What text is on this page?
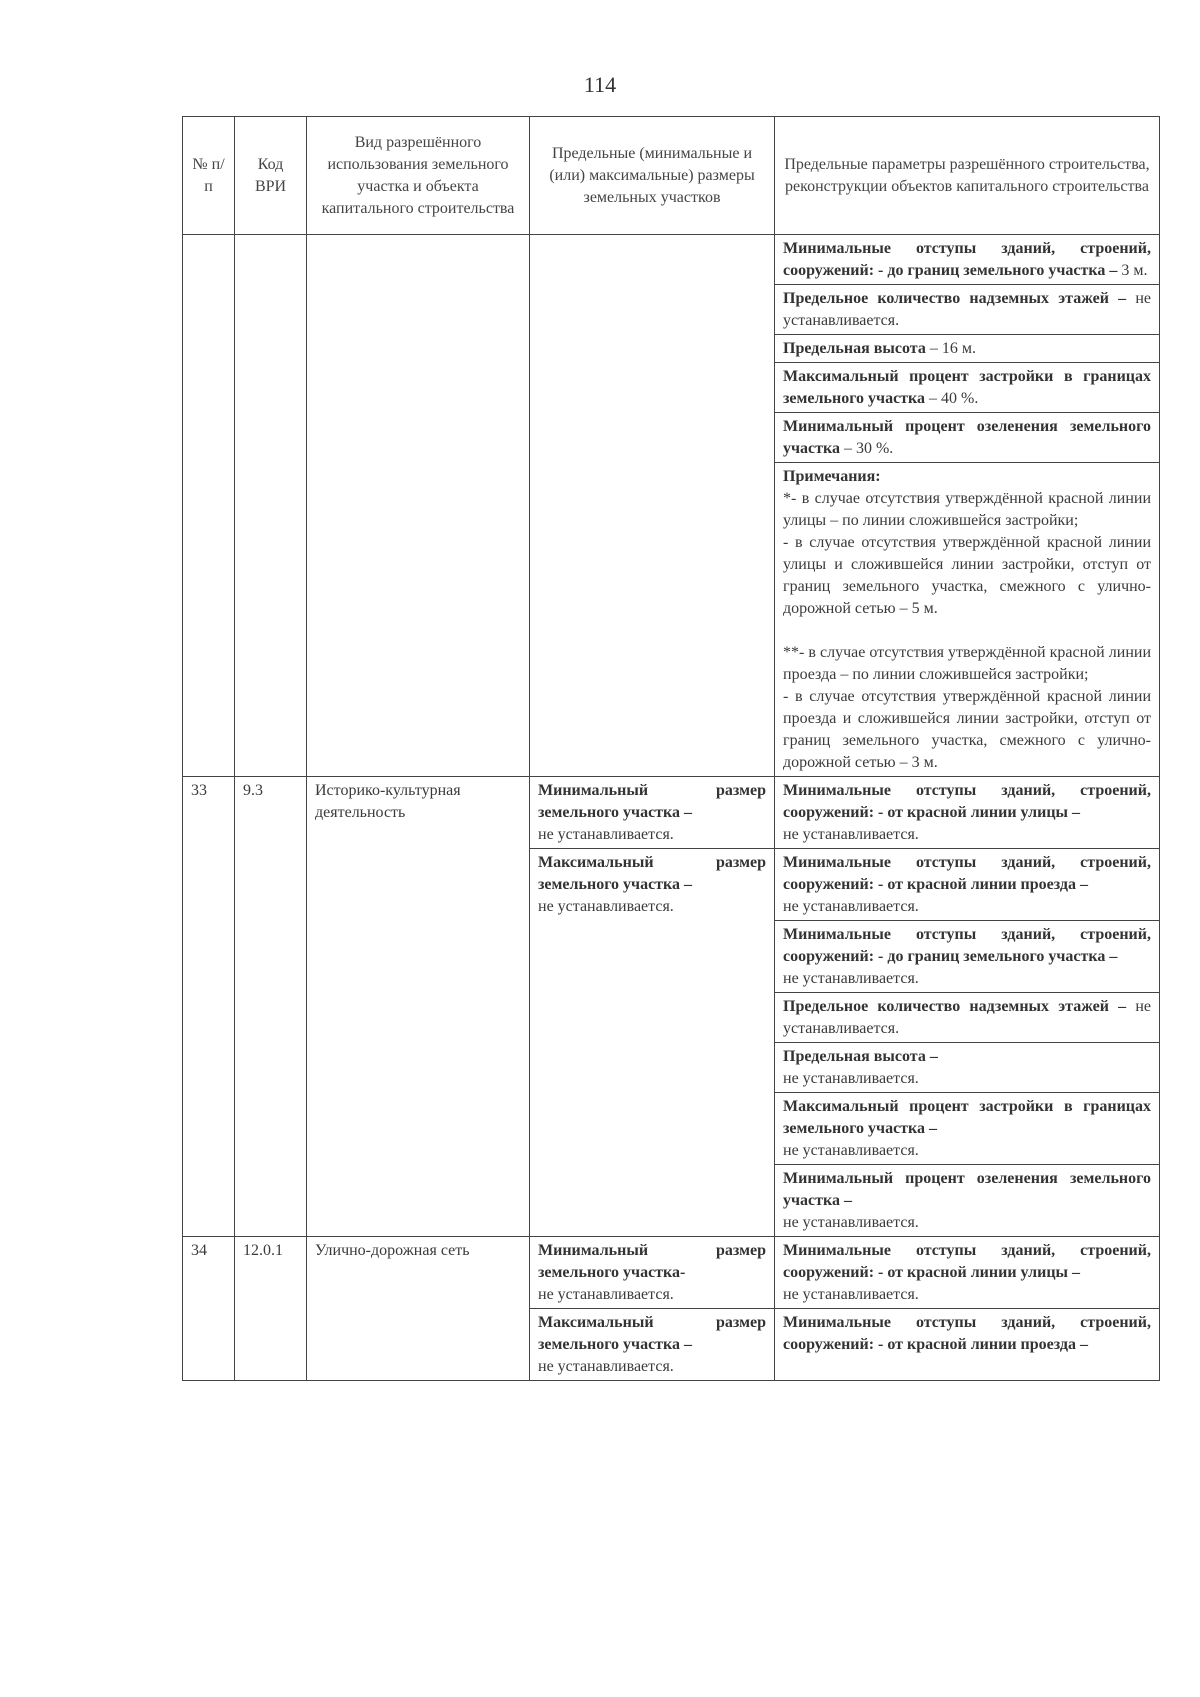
114
№ п/п	Код ВРИ	Вид разрешённого использования земельного участка и объекта капитального строительства	Предельные (минимальные и (или) максимальные) размеры земельных участков	Предельные параметры разрешённого строительства, реконструкции объектов капитального строительства
				Минимальные отступы зданий, строений, сооружений: - до границ земельного участка – 3 м.
				Предельное количество надземных этажей – не устанавливается.
				Предельная высота – 16 м.
				Максимальный процент застройки в границах земельного участка – 40 %.
				Минимальный процент озеленения земельного участка – 30 %.

				Примечания:
*- в случае отсутствия утверждённой красной линии улицы – по линии сложившейся застройки;
- в случае отсутствия утверждённой красной линии улицы и сложившейся линии застройки, отступ от границ земельного участка, смежного с улично-дорожной сетью – 5 м.
**- в случае отсутствия утверждённой красной линии проезда – по линии сложившейся застройки;
- в случае отсутствия утверждённой красной линии проезда и сложившейся линии застройки, отступ от границ земельного участка, смежного с улично-дорожной сетью – 3 м.

33	9.3	Историко-культурная деятельность	Минимальный размер земельного участка –
не устанавливается.	Минимальные отступы зданий, строений, сооружений: - от красной линии улицы –
не устанавливается.
			Максимальный размер земельного участка –
не устанавливается.	Минимальные отступы зданий, строений, сооружений: - от красной линии проезда –
не устанавливается.
				Минимальные отступы зданий, строений, сооружений: - до границ земельного участка –
не устанавливается.
				Предельное количество надземных этажей – не устанавливается.
				Предельная высота –
не устанавливается.
				Максимальный процент застройки в границах земельного участка –
не устанавливается.
				Минимальный процент озеленения земельного участка –
не устанавливается.
34	12.0.1	Улично-дорожная сеть	Минимальный размер земельного участка-
не устанавливается.	Минимальные отступы зданий, строений, сооружений: - от красной линии улицы –
не устанавливается.
			Максимальный размер земельного участка –
не устанавливается.	Минимальные отступы зданий, строений, сооружений: - от красной линии проезда –
